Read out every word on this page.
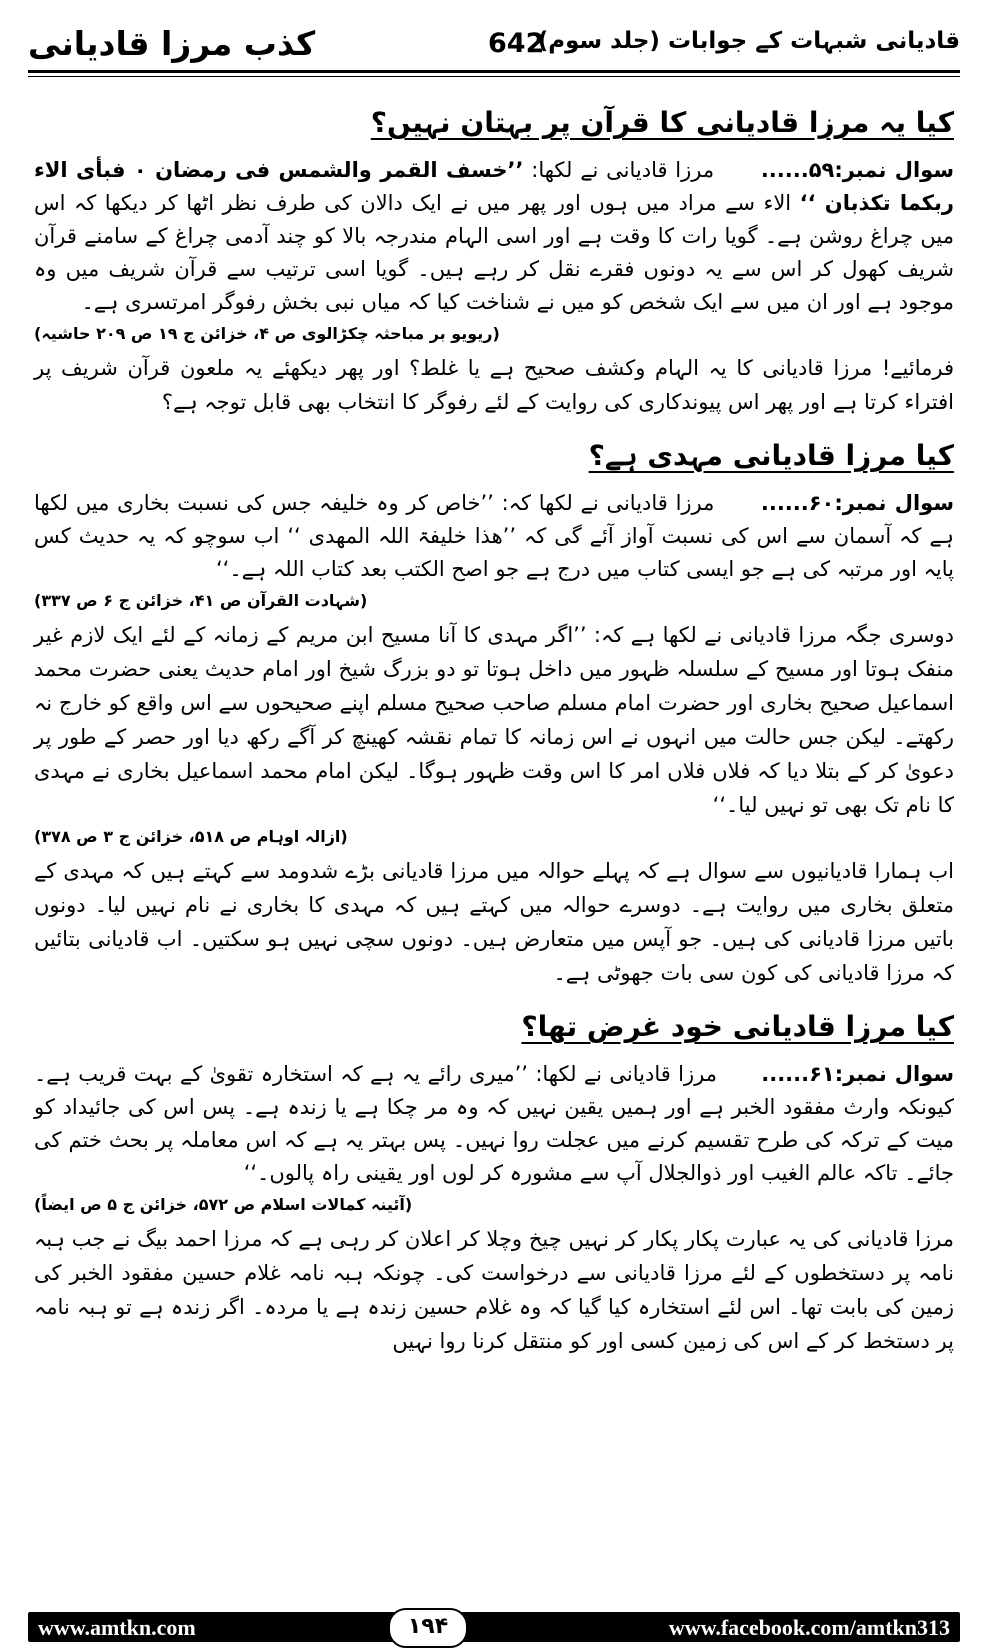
کذب مرزا قادیانی	642
قادیانی شبہات کے جوابات (جلد سوم)
کیا یہ مرزا قادیانی کا قرآن پر بہتان نہیں؟

سوال نمبر:۵۹......      مرزا قادیانی نے لکھا: ’’خسف القمر والشمس فی رمضان ۰ فبأی الاء ربکما تکذبان ‘‘ الاء سے مراد میں ہوں اور پھر میں نے ایک دالان کی طرف نظر اٹھا کر دیکھا کہ اس میں چراغ روشن ہے۔ گویا رات کا وقت ہے اور اسی الہام مندرجہ بالا کو چند آدمی چراغ کے سامنے قرآن شریف کھول کر اس سے یہ دونوں فقرے نقل کر رہے ہیں۔ گویا اسی ترتیب سے قرآن شریف میں وہ موجود ہے اور ان میں سے ایک شخص کو میں نے شناخت کیا کہ میاں نبی بخش رفوگر امرتسری ہے۔

(ریویو بر مباحثہ چکڑالوی ص ۴، خزائن ج ۱۹ ص ۲۰۹ حاشیہ)

فرمائیے! مرزا قادیانی کا یہ الہام وکشف صحیح ہے یا غلط؟ اور پھر دیکھئے یہ ملعون قرآن شریف پر افتراء کرتا ہے اور پھر اس پیوندکاری کی روایت کے لئے رفوگر کا انتخاب بھی قابل توجہ ہے؟

کیا مرزا قادیانی مہدی ہے؟

سوال نمبر:۶۰......      مرزا قادیانی نے لکھا کہ: ’’خاص کر وہ خلیفہ جس کی نسبت بخاری میں لکھا ہے کہ آسمان سے اس کی نسبت آواز آئے گی کہ ’’ھذا خلیفۃ اللہ المھدی ‘‘ اب سوچو کہ یہ حدیث کس پایہ اور مرتبہ کی ہے جو ایسی کتاب میں درج ہے جو اصح الکتب بعد کتاب اللہ ہے۔‘‘

(شہادت القرآن ص ۴۱، خزائن ج ۶ ص ۳۳۷)

دوسری جگہ مرزا قادیانی نے لکھا ہے کہ: ’’اگر مہدی کا آنا مسیح ابن مریم کے زمانہ کے لئے ایک لازم غیر منفک ہوتا اور مسیح کے سلسلہ ظہور میں داخل ہوتا تو دو بزرگ شیخ اور امام حدیث یعنی حضرت محمد اسماعیل صحیح بخاری اور حضرت امام مسلم صاحب صحیح مسلم اپنے صحیحوں سے اس واقع کو خارج نہ رکھتے۔ لیکن جس حالت میں انہوں نے اس زمانہ کا تمام نقشہ کھینچ کر آگے رکھ دیا اور حصر کے طور پر دعویٰ کر کے بتلا دیا کہ فلاں فلاں امر کا اس وقت ظہور ہوگا۔ لیکن امام محمد اسماعیل بخاری نے مہدی کا نام تک بھی تو نہیں لیا۔‘‘

(ازالہ اوہام ص ۵۱۸، خزائن ج ۳ ص ۳۷۸)

اب ہمارا قادیانیوں سے سوال ہے کہ پہلے حوالہ میں مرزا قادیانی بڑے شدومد سے کہتے ہیں کہ مہدی کے متعلق بخاری میں روایت ہے۔ دوسرے حوالہ میں کہتے ہیں کہ مہدی کا بخاری نے نام نہیں لیا۔ دونوں باتیں مرزا قادیانی کی ہیں۔ جو آپس میں متعارض ہیں۔ دونوں سچی نہیں ہو سکتیں۔ اب قادیانی بتائیں کہ مرزا قادیانی کی کون سی بات جھوٹی ہے۔

کیا مرزا قادیانی خود غرض تھا؟

سوال نمبر:۶۱......      مرزا قادیانی نے لکھا: ’’میری رائے یہ ہے کہ استخارہ تقویٰ کے بہت قریب ہے۔ کیونکہ وارث مفقود الخبر ہے اور ہمیں یقین نہیں کہ وہ مر چکا ہے یا زندہ ہے۔ پس اس کی جائیداد کو میت کے ترکہ کی طرح تقسیم کرنے میں عجلت روا نہیں۔ پس بہتر یہ ہے کہ اس معاملہ پر بحث ختم کی جائے۔ تاکہ عالم الغیب اور ذوالجلال آپ سے مشورہ کر لوں اور یقینی راہ پالوں۔‘‘

(آئینہ کمالات اسلام ص ۵۷۲، خزائن ج ۵ ص ایضاً)

مرزا قادیانی کی یہ عبارت پکار پکار کر نہیں چیخ وچلا کر اعلان کر رہی ہے کہ مرزا احمد بیگ نے جب ہبہ نامہ پر دستخطوں کے لئے مرزا قادیانی سے درخواست کی۔ چونکہ ہبہ نامہ غلام حسین مفقود الخبر کی زمین کی بابت تھا۔ اس لئے استخارہ کیا گیا کہ وہ غلام حسین زندہ ہے یا مردہ۔ اگر زندہ ہے تو ہبہ نامہ پر دستخط کر کے اس کی زمین کسی اور کو منتقل کرنا روا نہیں

www.amtkn.com	۱۹۴	www.facebook.com/amtkn313
